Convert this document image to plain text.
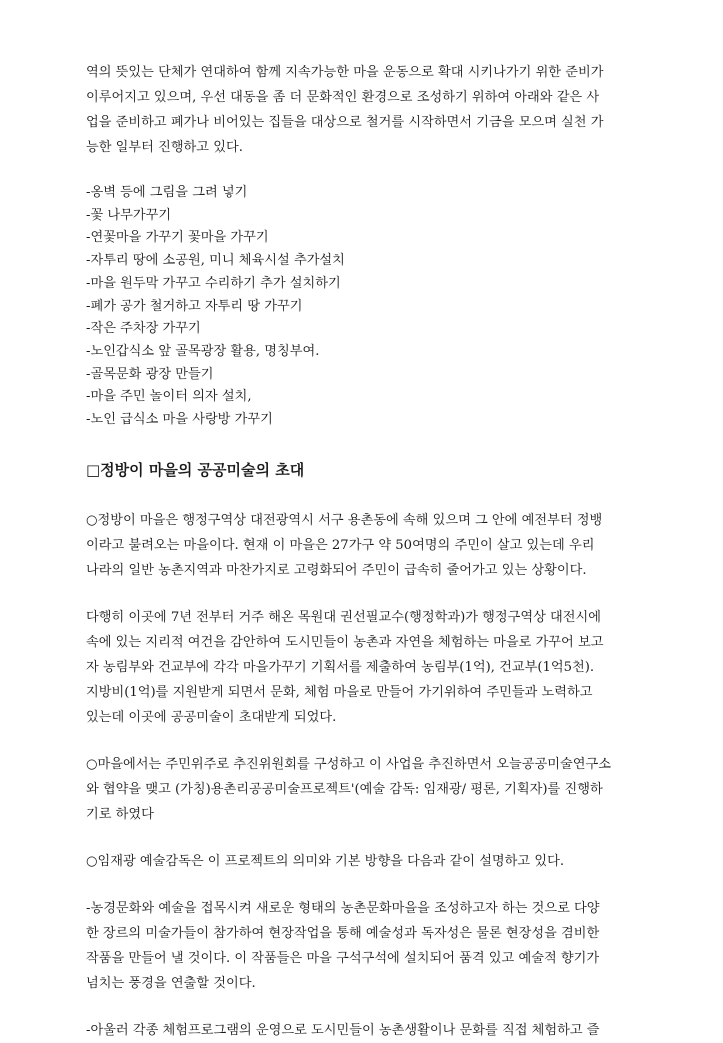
역의 뜻있는 단체가 연대하여 함께 지속가능한 마을 운동으로 확대 시키나가기 위한 준비가
이루어지고 있으며, 우선 대동을 좀 더 문화적인 환경으로 조성하기 위하여 아래와 같은 사
업을 준비하고 폐가나 비어있는 집들을 대상으로 철거를 시작하면서 기금을 모으며 실천 가
능한 일부터 진행하고 있다.

-옹벽 등에 그림을 그려 넣기
-꽃 나무가꾸기
-연꽃마을 가꾸기 꽃마을 가꾸기
-자투리 땅에 소공원, 미니 체육시설 추가설치
-마을 원두막 가꾸고 수리하기 추가 설치하기
-폐가 공가 철거하고 자투리 땅 가꾸기
-작은 주차장 가꾸기
-노인갑식소 앞 골목광장 활용, 명칭부여.
-골목문화 광장 만들기
-마을 주민 놀이터 의자 설치,
-노인 급식소 마을 사랑방 가꾸기
□정방이 마을의 공공미술의 초대

○정방이 마을은 행정구역상 대전광역시 서구 용촌동에 속해 있으며 그 안에 예전부터 정뱅
이라고 불려오는 마을이다. 현재 이 마을은 27가구 약 50여명의 주민이 살고 있는데 우리
나라의 일반 농촌지역과 마찬가지로 고령화되어 주민이 급속히 줄어가고 있는 상황이다.

다행히 이곳에 7년 전부터 거주 해온 목원대 권선필교수(행정학과)가 행정구역상 대전시에
속에 있는 지리적 여건을 감안하여 도시민들이 농촌과 자연을 체험하는 마을로 가꾸어 보고
자 농림부와 건교부에 각각 마을가꾸기 기획서를 제출하여 농림부(1억), 건교부(1억5천).
지방비(1억)를 지원받게 되면서 문화, 체험 마을로 만들어 가기위하여 주민들과 노력하고
있는데 이곳에 공공미술이 초대받게 되었다.

○마을에서는 주민위주로 추진위원회를 구성하고 이 사업을 추진하면서 오늘공공미술연구소
와 협약을 맺고 (가칭)용촌리공공미술프로젝트'(예술 감독: 임재광/ 평론, 기획자)를 진행하
기로 하였다

○임재광 예술감독은 이 프로젝트의 의미와 기본 방향을 다음과 같이 설명하고 있다.

-농경문화와 예술을 접목시켜 새로운 형태의 농촌문화마을을 조성하고자 하는 것으로 다양
한 장르의 미술가들이 참가하여 현장작업을 통해 예술성과 독자성은 물론 현장성을 겸비한
작품을 만들어 낼 것이다. 이 작품들은 마을 구석구석에 설치되어 품격 있고 예술적 향기가
넘치는 풍경을 연출할 것이다.

-아울러 각종 체험프로그램의 운영으로 도시민들이 농촌생활이나 문화를 직접 체험하고 즐
